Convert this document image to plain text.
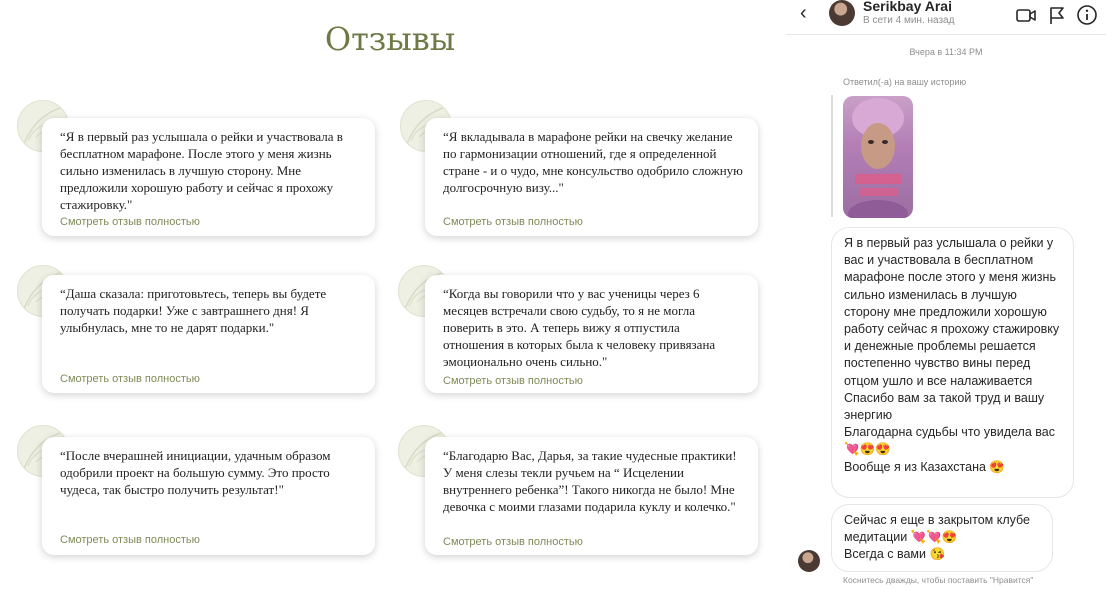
Отзывы
“Я в первый раз услышала о рейки и участвовала в бесплатном марафоне. После этого у меня жизнь сильно изменилась в лучшую сторону. Мне предложили хорошую работу и сейчас я прохожу стажировку."
Смотреть отзыв полностью
“Я вкладывала в марафоне рейки на свечку желание по гармонизации отношений, где я определенной стране - и о чудо, мне консульство одобрило сложную долгосрочную визу..."
Смотреть отзыв полностью
“Даша сказала: приготовьтесь, теперь вы будете получать подарки! Уже с завтрашнего дня! Я улыбнулась, мне то не дарят подарки."
Смотреть отзыв полностью
“Когда вы говорили что у вас ученицы через 6 месяцев встречали свою судьбу, то я не могла поверить в это. А теперь вижу я отпустила отношения в которых была к человеку привязана эмоционально очень сильно."
Смотреть отзыв полностью
“После вчерашней инициации, удачным образом одобрили проект на большую сумму. Это просто чудеса, так быстро получить результат!"
Смотреть отзыв полностью
“Благодарю Вас, Дарья, за такие чудесные практики! У меня слезы текли ручьем на “ Исцелении внутреннего ребенка”! Такого никогда не было! Мне девочка с моими глазами подарила куклу и колечко."
Смотреть отзыв полностью
‹	Serikbay Arai
В сети 4 мин. назад
Вчера в 11:34 PM
Ответил(-а) на вашу историю

Я в первый раз услышала о рейки у вас и участвовала в бесплатном марафоне после этого у меня жизнь сильно изменилась в лучшую сторону мне предложили хорошую работу сейчас я прохожу стажировку и денежные проблемы решается постепенно чувство вины перед отцом ушло и все налаживается

Спасибо вам за такой труд и вашу энергию

Благодарна судьбы что увидела вас 💘😍😍

Вообще я из Казахстана 😍

Сейчас я еще в закрытом клубе медитации 💘💘😍

Всегда с вами 😘

Коснитесь дважды, чтобы поставить "Нравится"
